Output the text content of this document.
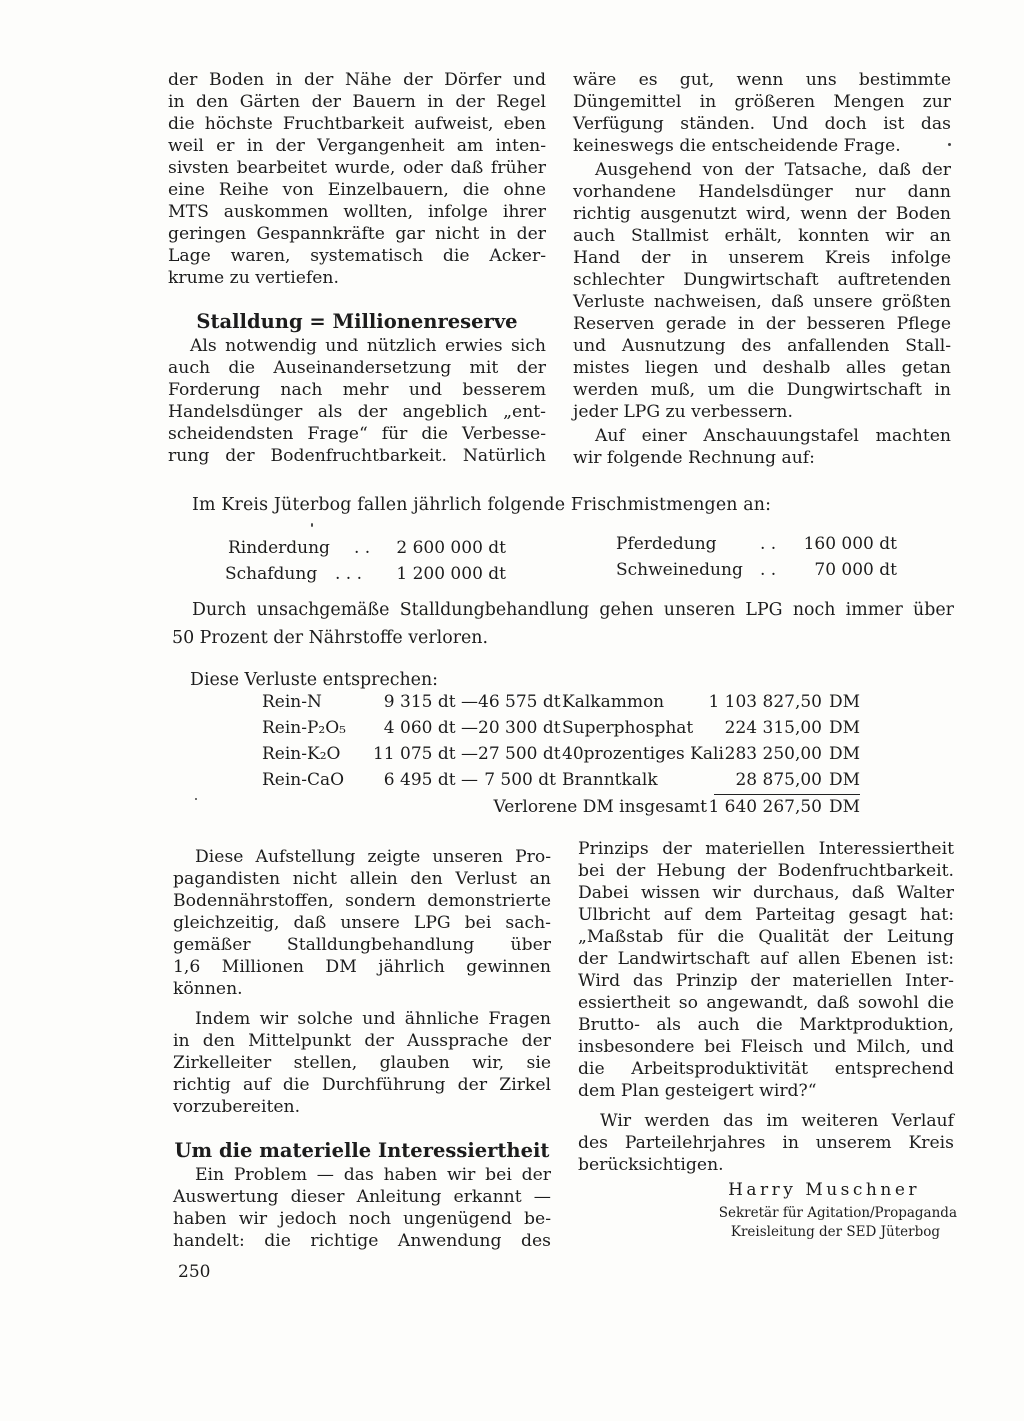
der Boden in der Nähe der Dörfer und

in den Gärten der Bauern in der Regel

die höchste Fruchtbarkeit aufweist, eben

weil er in der Vergangenheit am inten-

sivsten bearbeitet wurde, oder daß früher

eine Reihe von Einzelbauern, die ohne

MTS auskommen wollten, infolge ihrer

geringen Gespannkräfte gar nicht in der

Lage waren, systematisch die Acker-

krume zu vertiefen.

Stalldung = Millionenreserve

Als notwendig und nützlich erwies sich

auch die Auseinandersetzung mit der

Forderung nach mehr und besserem

Handelsdünger als der angeblich „ent-

scheidendsten Frage“ für die Verbesse-

rung der Bodenfruchtbarkeit. Natürlich

wäre es gut, wenn uns bestimmte

Düngemittel in größeren Mengen zur

Verfügung ständen. Und doch ist das

keineswegs die entscheidende Frage.

Ausgehend von der Tatsache, daß der

vorhandene Handelsdünger nur dann

richtig ausgenutzt wird, wenn der Boden

auch Stallmist erhält, konnten wir an

Hand der in unserem Kreis infolge

schlechter Dungwirtschaft auftretenden

Verluste nachweisen, daß unsere größten

Reserven gerade in der besseren Pflege

und Ausnutzung des anfallenden Stall-

mistes liegen und deshalb alles getan

werden muß, um die Dungwirtschaft in

jeder LPG zu verbessern.

Auf einer Anschauungstafel machten

wir folgende Rechnung auf:

Im Kreis Jüterbog fallen jährlich folgende Frischmistmengen an:
Rinderdung . .	2 600 000 dt
Schafdung . . .	1 200 000 dt
Pferdedung	. .	160 000 dt
Schweinedung . .	70 000 dt
Durch unsachgemäße Stalldungbehandlung gehen unseren LPG noch immer über
50 Prozent der Nährstoffe verloren.
Diese Verluste entsprechen:
Rein-N	9 315 dt — 46 575 dt Kalkammon	1 103 827,50 DM
Rein-P₂O₅	4 060 dt — 20 300 dt Superphosphat	224 315,00 DM
Rein-K₂O	11 075 dt — 27 500 dt 40prozentiges Kali 283 250,00 DM
Rein-CaO	6 495 dt — 7 500 dt Branntkalk	28 875,00 DM
Verlorene DM insgesamt 1 640 267,50 DM

Diese Aufstellung zeigte unseren Pro-

pagandisten nicht allein den Verlust an

Bodennährstoffen, sondern demonstrierte

gleichzeitig, daß unsere LPG bei sach-

gemäßer Stalldungbehandlung über

1,6 Millionen DM jährlich gewinnen

können.

Indem wir solche und ähnliche Fragen

in den Mittelpunkt der Aussprache der

Zirkelleiter stellen, glauben wir, sie

richtig auf die Durchführung der Zirkel

vorzubereiten.

Um die materielle Interessiertheit

Ein Problem — das haben wir bei der

Auswertung dieser Anleitung erkannt —

haben wir jedoch noch ungenügend be-

handelt: die richtige Anwendung des

Prinzips der materiellen Interessiertheit

bei der Hebung der Bodenfruchtbarkeit.

Dabei wissen wir durchaus, daß Walter

Ulbricht auf dem Parteitag gesagt hat:

„Maßstab für die Qualität der Leitung

der Landwirtschaft auf allen Ebenen ist:

Wird das Prinzip der materiellen Inter-

essiertheit so angewandt, daß sowohl die

Brutto- als auch die Marktproduktion,

insbesondere bei Fleisch und Milch, und

die Arbeitsproduktivität entsprechend

dem Plan gesteigert wird?“

Wir werden das im weiteren Verlauf

des Parteilehrjahres in unserem Kreis

berücksichtigen.

Harry Muschner
Sekretär für Agitation/Propaganda
Kreisleitung der SED Jüterbog
250
